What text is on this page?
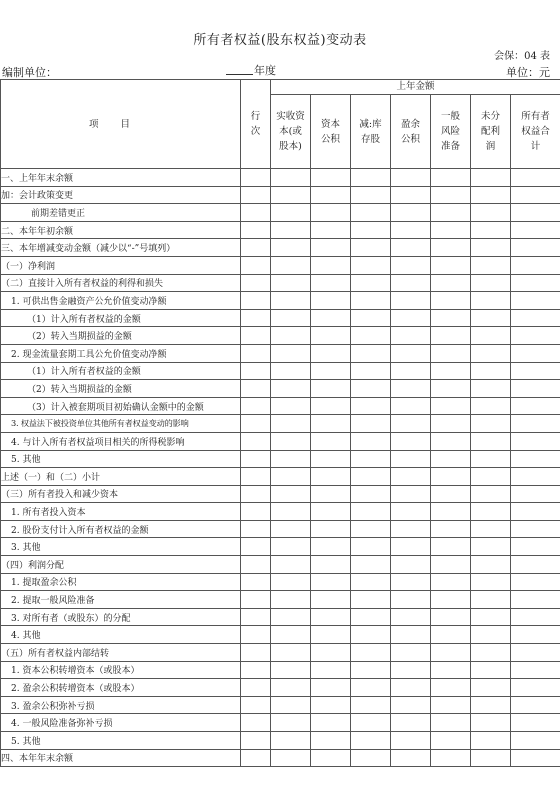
所有者权益(股东权益)变动表
会保：04 表
编制单位：	年度	单位：元
项目	行次	上年金额						
		实收资本(或股本)	资本公积	减:库存股	盈余公积	一般风险准备	未分配利润	所有者权益合计
一、上年年末余额								
加：会计政策变更								
前期差错更正								
二、本年年初余额								
三、本年增减变动金额（减少以“-”号填列）								
（一）净利润								
（二）直接计入所有者权益的利得和损失								
1. 可供出售金融资产公允价值变动净额								
（1）计入所有者权益的金额								
（2）转入当期损益的金额								
2. 现金流量套期工具公允价值变动净额								
（1）计入所有者权益的金额								
（2）转入当期损益的金额								
（3）计入被套期项目初始确认金额中的金额								
3. 权益法下被投资单位其他所有者权益变动的影响								
4. 与计入所有者权益项目相关的所得税影响								
5. 其他								
上述（一）和（二）小计								
（三）所有者投入和减少资本								
1. 所有者投入资本								
2. 股份支付计入所有者权益的金额								
3. 其他								
（四）利润分配								
1. 提取盈余公积								
2. 提取一般风险准备								
3. 对所有者（或股东）的分配								
4. 其他								
（五）所有者权益内部结转								
1. 资本公积转增资本（或股本）								
2. 盈余公积转增资本（或股本）								
3. 盈余公积弥补亏损								
4. 一般风险准备弥补亏损								
5. 其他								
四、本年年末余额								
